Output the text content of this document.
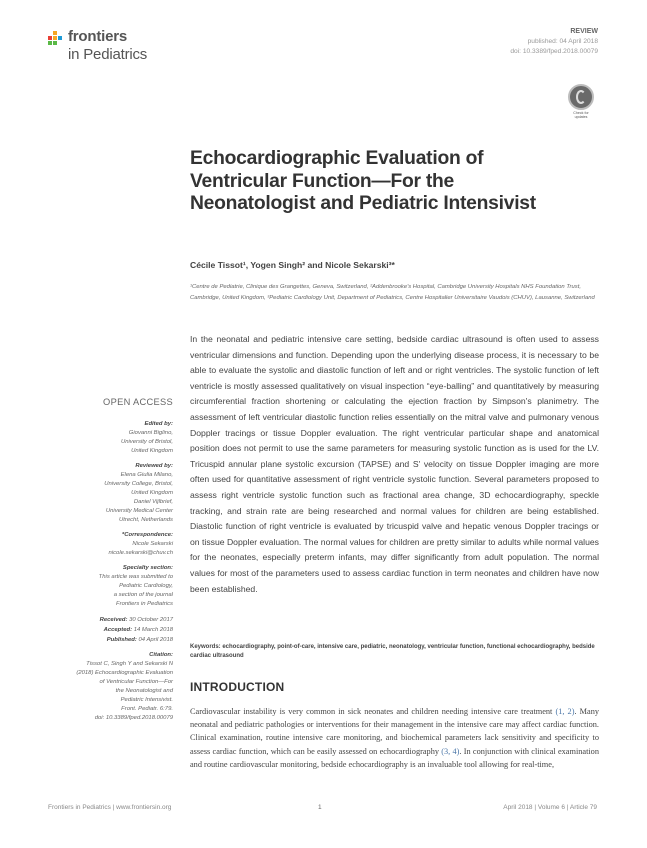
frontiers
in Pediatrics
REVIEW
published: 04 April 2018
doi: 10.3389/fped.2018.00079
Check for
updates
Echocardiographic Evaluation of Ventricular Function—For the Neonatologist and Pediatric Intensivist
Cécile Tissot¹, Yogen Singh² and Nicole Sekarski³*
¹Centre de Pediatrie, Clinique des Grangettes, Geneva, Switzerland, ²Addenbrooke's Hospital, Cambridge University Hospitals NHS Foundation Trust, Cambridge, United Kingdom, ³Pediatric Cardiology Unit, Department of Pediatrics, Centre Hospitalier Universitaire Vaudois (CHUV), Lausanne, Switzerland
In the neonatal and pediatric intensive care setting, bedside cardiac ultrasound is often used to assess ventricular dimensions and function. Depending upon the underlying disease process, it is necessary to be able to evaluate the systolic and diastolic function of left and or right ventricles. The systolic function of left ventricle is mostly assessed qualitatively on visual inspection “eye-balling” and quantitatively by measuring circumferential fraction shortening or calculating the ejection fraction by Simpson's planimetry. The assessment of left ventricular diastolic function relies essentially on the mitral valve and pulmonary venous Doppler tracings or tissue Doppler evaluation. The right ventricular particular shape and anatomical position does not permit to use the same parameters for measuring systolic function as is used for the LV. Tricuspid annular plane systolic excursion (TAPSE) and S' velocity on tissue Doppler imaging are more often used for quantitative assessment of right ventricle systolic function. Several parameters proposed to assess right ventricle systolic function such as fractional area change, 3D echocardiography, speckle tracking, and strain rate are being researched and normal values for children are being established. Diastolic function of right ventricle is evaluated by tricuspid valve and hepatic venous Doppler tracings or on tissue Doppler evaluation. The normal values for children are pretty similar to adults while normal values for the neonates, especially preterm infants, may differ significantly from adult population. The normal values for most of the parameters used to assess cardiac function in term neonates and children have now been established.
OPEN ACCESS
Edited by:
Giovanni Biglino,
University of Bristol,
United Kingdom
Reviewed by:
Elena Giulia Milano,
University College, Bristol,
United Kingdom
Daniel Vijlbrief,
University Medical Center
Utrecht, Netherlands
*Correspondence:
Nicole Sekarski
nicole.sekarski@chuv.ch
Specialty section:
This article was submitted to
Pediatric Cardiology,
a section of the journal
Frontiers in Pediatrics
Received: 30 October 2017
Accepted: 14 March 2018
Published: 04 April 2018
Citation:
Tissot C, Singh Y and Sekarski N
(2018) Echocardiographic Evaluation
of Ventricular Function—For
the Neonatologist and
Pediatric Intensivist.
Front. Pediatr. 6:79.
doi: 10.3389/fped.2018.00079
Keywords: echocardiography, point-of-care, intensive care, pediatric, neonatology, ventricular function, functional echocardiography, bedside cardiac ultrasound
INTRODUCTION
Cardiovascular instability is very common in sick neonates and children needing intensive care treatment (1, 2). Many neonatal and pediatric pathologies or interventions for their management in the intensive care may affect cardiac function. Clinical examination, routine intensive care monitoring, and biochemical parameters lack sensitivity and specificity to assess cardiac function, which can be easily assessed on echocardiography (3, 4). In conjunction with clinical examination and routine cardiovascular monitoring, bedside echocardiography is an invaluable tool allowing for real-time,
Frontiers in Pediatrics | www.frontiersin.org	1	April 2018 | Volume 6 | Article 79
